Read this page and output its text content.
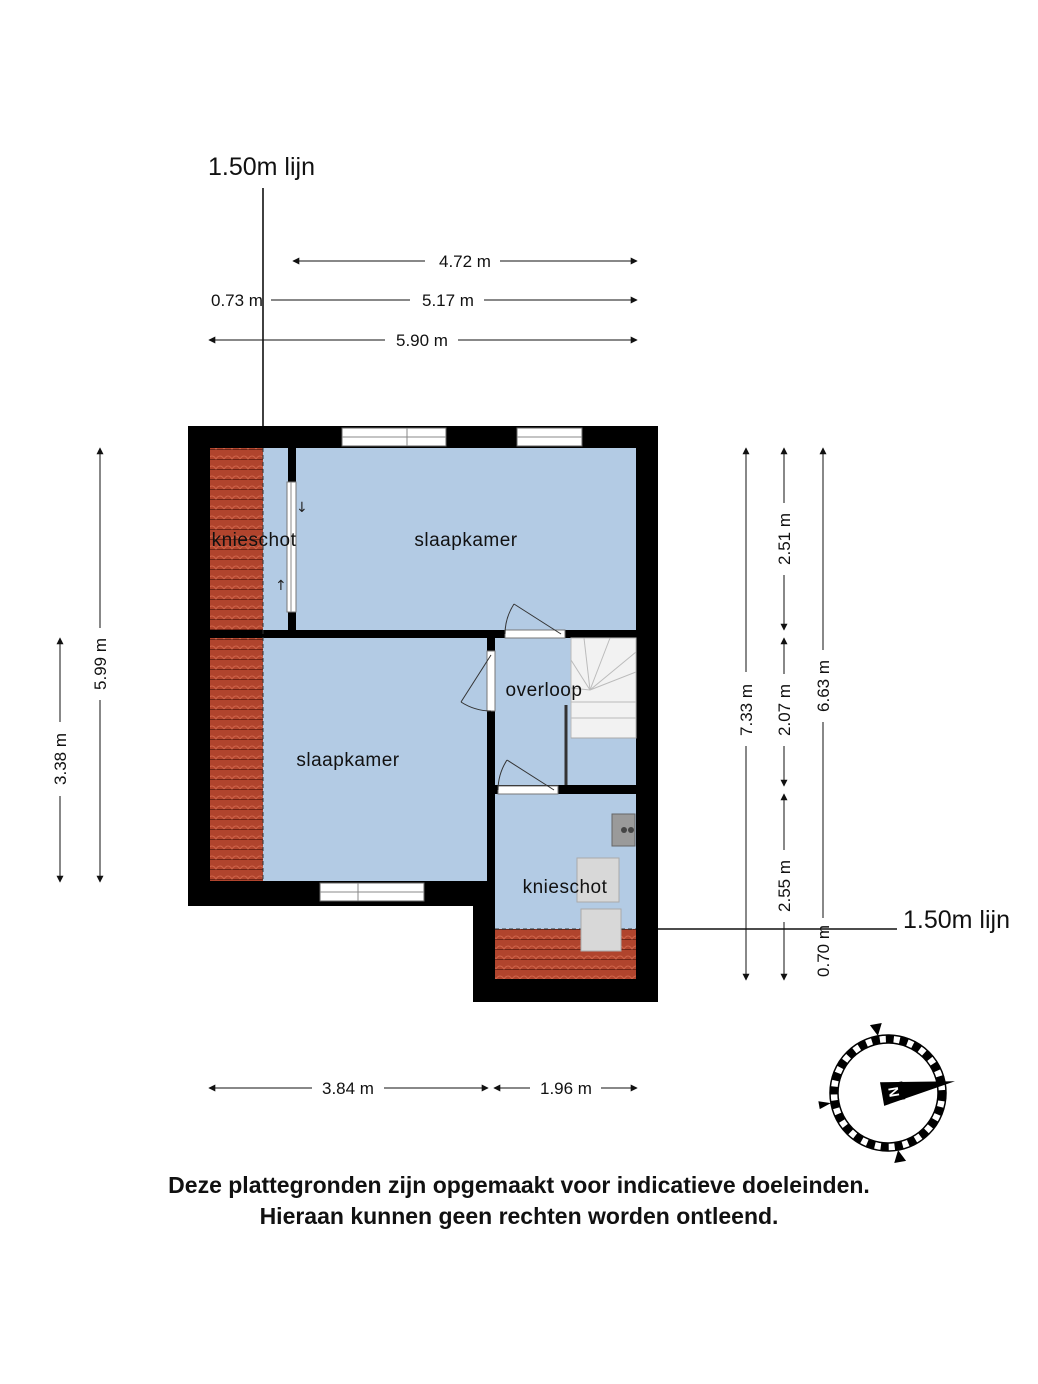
1.50m lijn
1.50m lijn
↓
↑
knieschot	slaapkamer
slaapkamer
overloop
knieschot
4.72 m
0.73 m	5.17 m
5.90 m
3.84 m	1.96 m
3.38 m
5.99 m
7.33 m
2.51 m
2.07 m
2.55 m
6.63 m
0.70 m
N
Deze plattegronden zijn opgemaakt voor indicatieve doeleinden.
Hieraan kunnen geen rechten worden ontleend.
